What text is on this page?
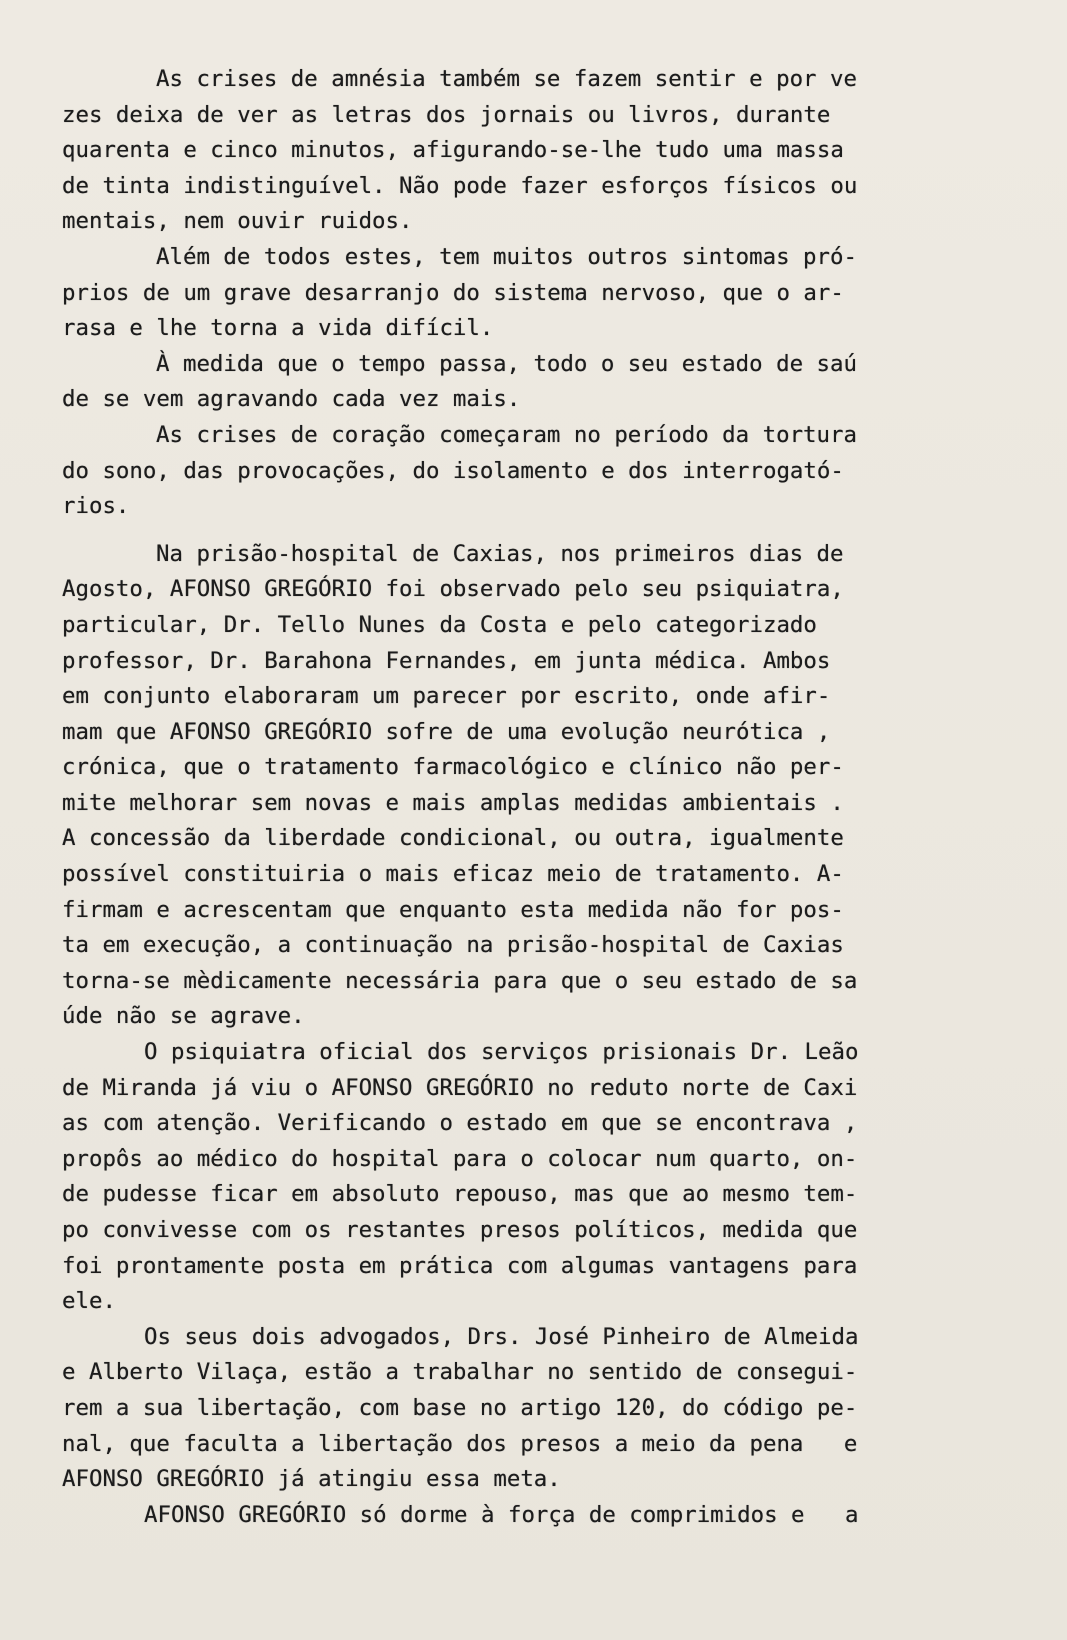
As crises de amnésia também se fazem sentir e por ve
zes deixa de ver as letras dos jornais ou livros, durante
quarenta e cinco minutos, afigurando-se-lhe tudo uma massa
de tinta indistinguível. Não pode fazer esforços físicos ou
mentais, nem ouvir ruidos.
Além de todos estes, tem muitos outros sintomas pró-
prios de um grave desarranjo do sistema nervoso, que o ar-
rasa e lhe torna a vida difícil.
À medida que o tempo passa, todo o seu estado de saú
de se vem agravando cada vez mais.
As crises de coração começaram no período da tortura
do sono, das provocações, do isolamento e dos interrogató-
rios.
Na prisão-hospital de Caxias, nos primeiros dias de
Agosto, AFONSO GREGÓRIO foi observado pelo seu psiquiatra,
particular, Dr. Tello Nunes da Costa e pelo categorizado
professor, Dr. Barahona Fernandes, em junta médica. Ambos
em conjunto elaboraram um parecer por escrito, onde afir-
mam que AFONSO GREGÓRIO sofre de uma evolução neurótica ,
crónica, que o tratamento farmacológico e clínico não per-
mite melhorar sem novas e mais amplas medidas ambientais .
A concessão da liberdade condicional, ou outra, igualmente
possível constituiria o mais eficaz meio de tratamento. A-
firmam e acrescentam que enquanto esta medida não for pos-
ta em execução, a continuação na prisão-hospital de Caxias
torna-se mèdicamente necessária para que o seu estado de sa
úde não se agrave.
O psiquiatra oficial dos serviços prisionais Dr. Leão
de Miranda já viu o AFONSO GREGÓRIO no reduto norte de Caxi
as com atenção. Verificando o estado em que se encontrava ,
propôs ao médico do hospital para o colocar num quarto, on-
de pudesse ficar em absoluto repouso, mas que ao mesmo tem-
po convivesse com os restantes presos políticos, medida que
foi prontamente posta em prática com algumas vantagens para
ele.
Os seus dois advogados, Drs. José Pinheiro de Almeida
e Alberto Vilaça, estão a trabalhar no sentido de consegui-
rem a sua libertação, com base no artigo 120, do código pe-
nal, que faculta a libertação dos presos a meio da pena   e
AFONSO GREGÓRIO já atingiu essa meta.
AFONSO GREGÓRIO só dorme à força de comprimidos e   a
